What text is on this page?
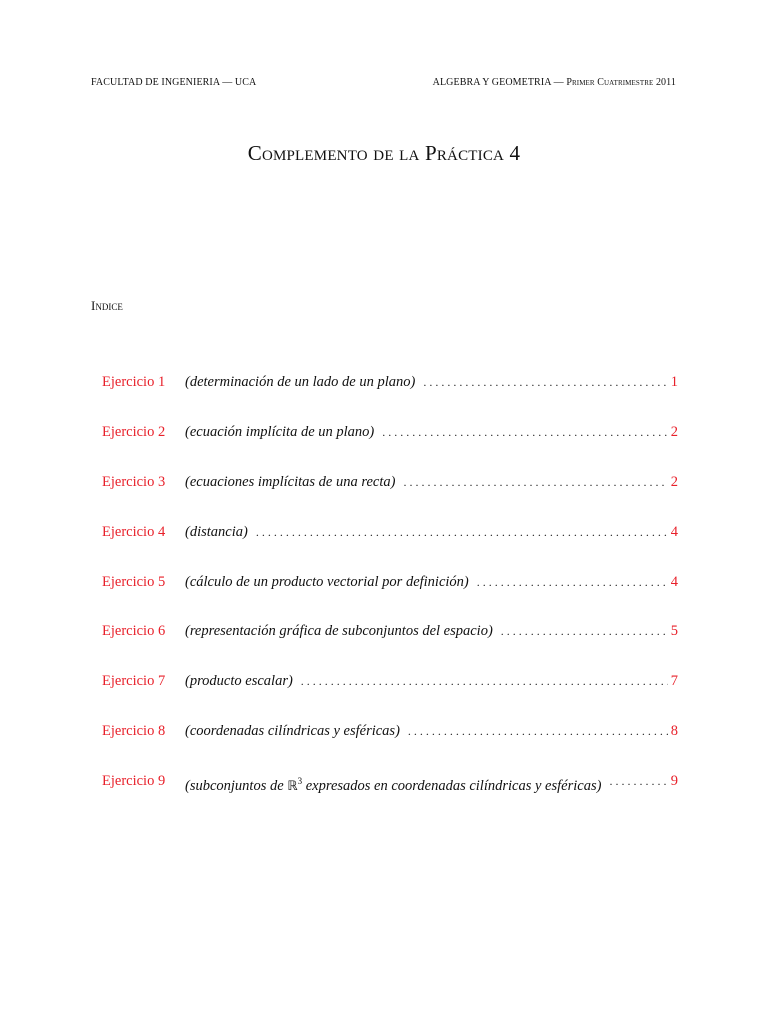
FACULTAD DE INGENIERIA — UCA	ALGEBRA Y GEOMETRIA — Primer Cuatrimestre 2011
Complemento de la Práctica 4
Indice
Ejercicio 1	(determinación de un lado de un plano) . . .	1
Ejercicio 2	(ecuación implícita de un plano) . . .	2
Ejercicio 3	(ecuaciones implícitas de una recta) . . .	2
Ejercicio 4	(distancia) . . .	4
Ejercicio 5	(cálculo de un producto vectorial por definición) . . .	4
Ejercicio 6	(representación gráfica de subconjuntos del espacio) . . .	5
Ejercicio 7	(producto escalar) . . .	7
Ejercicio 8	(coordenadas cilíndricas y esféricas) . . .	8
Ejercicio 9	(subconjuntos de ℝ$^3$ expresados en coordenadas cilíndricas y esféricas) . . .	9
